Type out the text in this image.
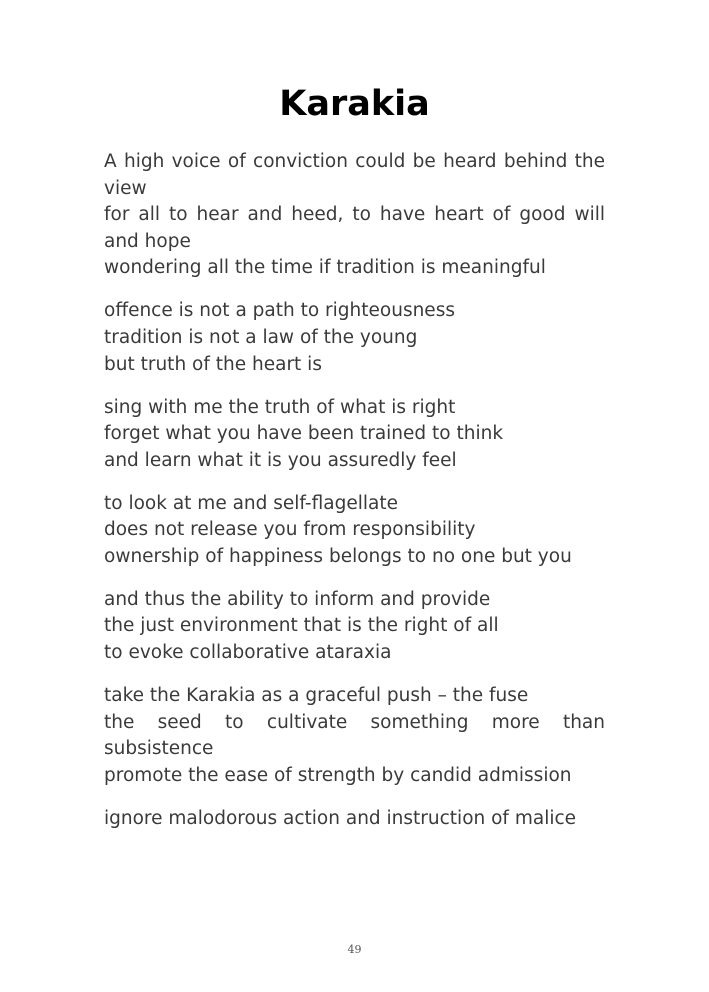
Karakia
A high voice of conviction could be heard behind the view
for all to hear and heed, to have heart of good will and hope
wondering all the time if tradition is meaningful
offence is not a path to righteousness
tradition is not a law of the young
but truth of the heart is
sing with me the truth of what is right
forget what you have been trained to think
and learn what it is you assuredly feel
to look at me and self-flagellate
does not release you from responsibility
ownership of happiness belongs to no one but you
and thus the ability to inform and provide
the just environment that is the right of all
to evoke collaborative ataraxia
take the Karakia as a graceful push – the fuse
the seed to cultivate something more than subsistence
promote the ease of strength by candid admission
ignore malodorous action and instruction of malice
49
